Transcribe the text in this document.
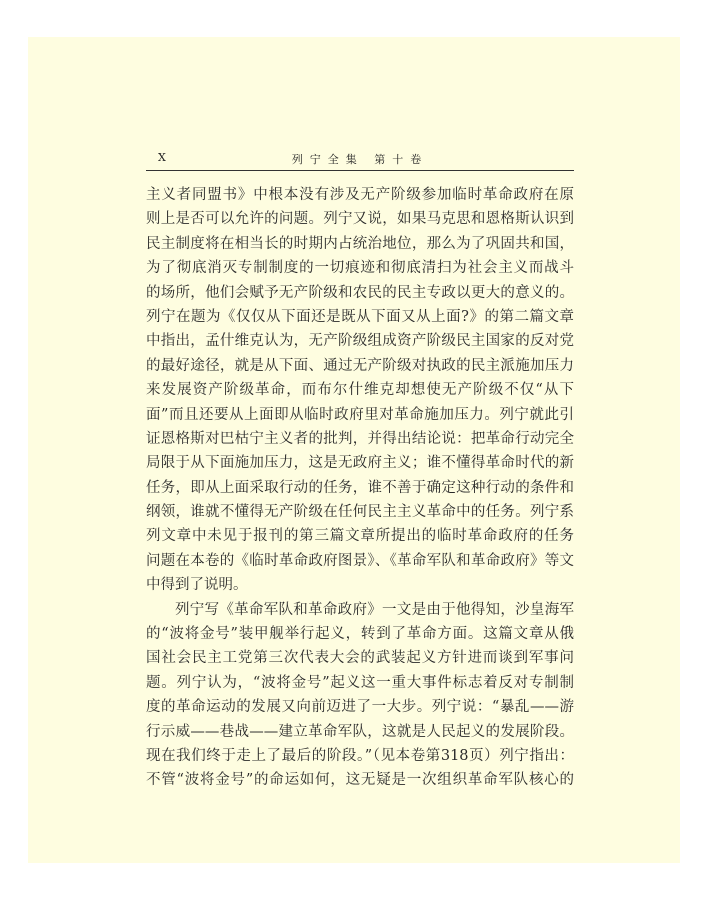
X	列宁全集 第十卷
主义者同盟书》中根本没有涉及无产阶级参加临时革命政府在原
则上是否可以允许的问题。列宁又说，如果马克思和恩格斯认识到
民主制度将在相当长的时期内占统治地位，那么为了巩固共和国，
为了彻底消灭专制制度的一切痕迹和彻底清扫为社会主义而战斗
的场所，他们会赋予无产阶级和农民的民主专政以更大的意义的。
列宁在题为《仅仅从下面还是既从下面又从上面?》的第二篇文章
中指出，孟什维克认为，无产阶级组成资产阶级民主国家的反对党
的最好途径，就是从下面、通过无产阶级对执政的民主派施加压力
来发展资产阶级革命，而布尔什维克却想使无产阶级不仅“从下
面”而且还要从上面即从临时政府里对革命施加压力。列宁就此引
证恩格斯对巴枯宁主义者的批判，并得出结论说：把革命行动完全
局限于从下面施加压力，这是无政府主义；谁不懂得革命时代的新
任务，即从上面采取行动的任务，谁不善于确定这种行动的条件和
纲领，谁就不懂得无产阶级在任何民主主义革命中的任务。列宁系
列文章中未见于报刊的第三篇文章所提出的临时革命政府的任务
问题在本卷的《临时革命政府图景》、《革命军队和革命政府》等文
中得到了说明。
列宁写《革命军队和革命政府》一文是由于他得知，沙皇海军
的“波将金号”装甲舰举行起义，转到了革命方面。这篇文章从俄
国社会民主工党第三次代表大会的武装起义方针进而谈到军事问
题。列宁认为，“波将金号”起义这一重大事件标志着反对专制制
度的革命运动的发展又向前迈进了一大步。列宁说：“暴乱——游
行示威——巷战——建立革命军队，这就是人民起义的发展阶段。
现在我们终于走上了最后的阶段。”（见本卷第318页）列宁指出：
不管“波将金号”的命运如何，这无疑是一次组织革命军队核心的
